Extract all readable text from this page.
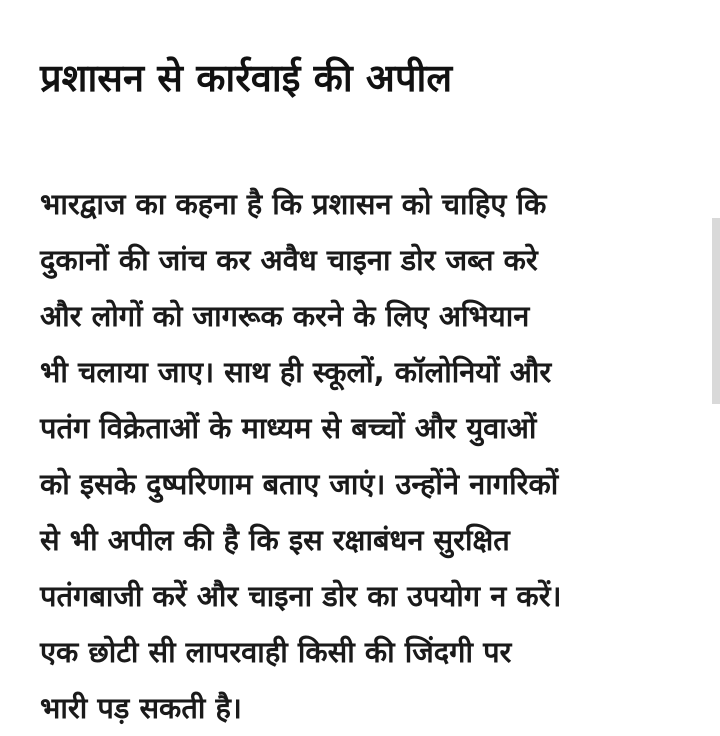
प्रशासन से कार्रवाई की अपील
भारद्वाज का कहना है कि प्रशासन को चाहिए कि
दुकानों की जांच कर अवैध चाइना डोर जब्त करे
और लोगों को जागरूक करने के लिए अभियान
भी चलाया जाए। साथ ही स्कूलों, कॉलोनियों और
पतंग विक्रेताओं के माध्यम से बच्चों और युवाओं
को इसके दुष्परिणाम बताए जाएं। उन्होंने नागरिकों
से भी अपील की है कि इस रक्षाबंधन सुरक्षित
पतंगबाजी करें और चाइना डोर का उपयोग न करें।
एक छोटी सी लापरवाही किसी की जिंदगी पर
भारी पड़ सकती है।
